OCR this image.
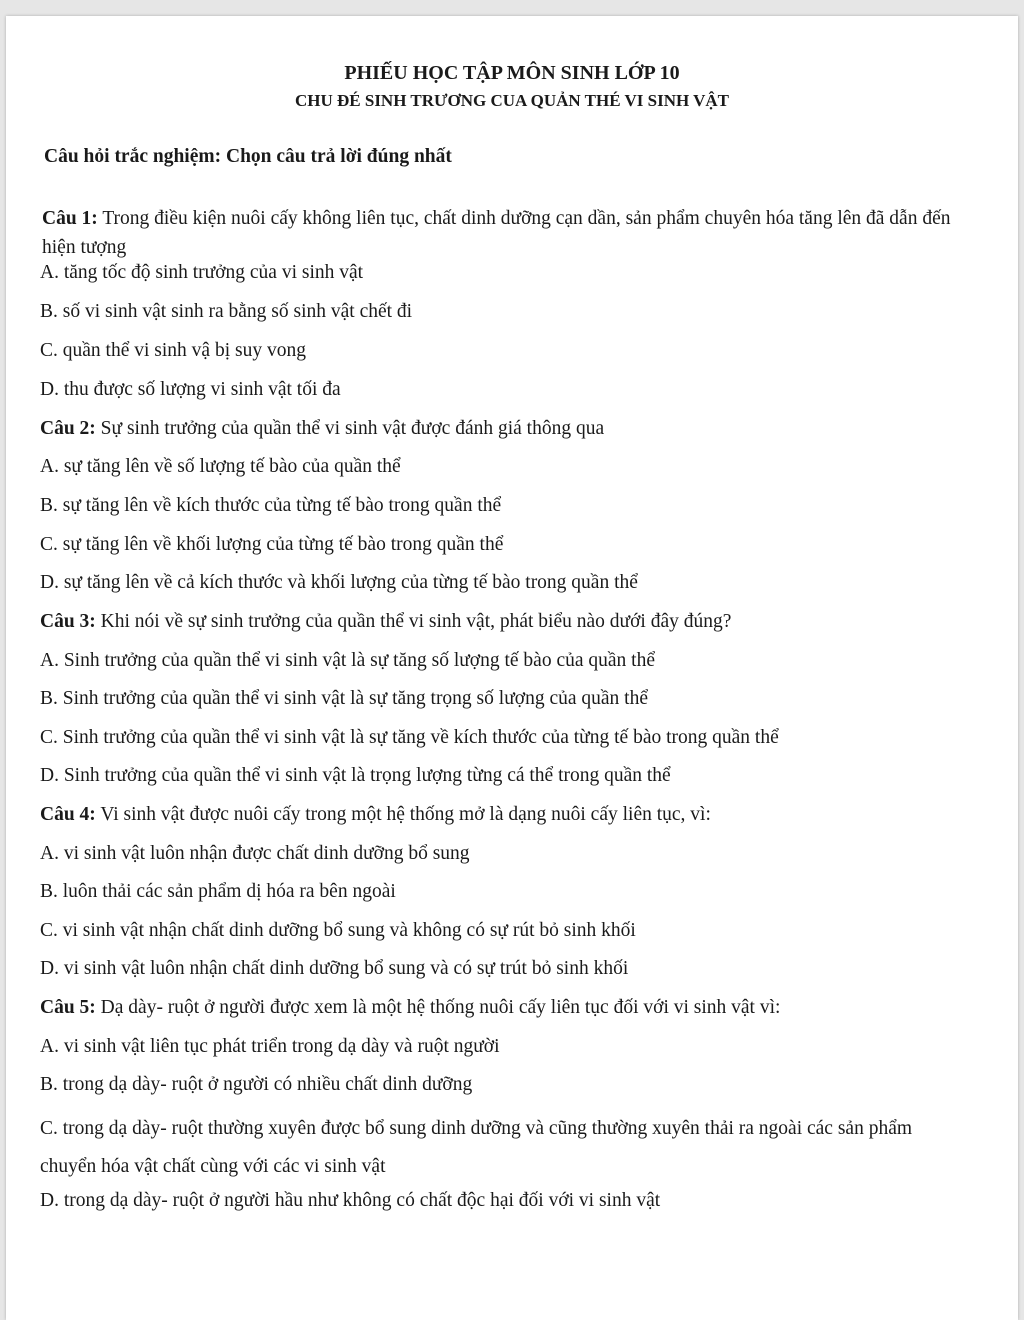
PHIẾU HỌC TẬP MÔN SINH LỚP 10
CHU ĐÉ SINH TRƯƠNG CUA QUẢN THÉ VI SINH VẬT
Câu hỏi trắc nghiệm: Chọn câu trả lời đúng nhất
Câu 1: Trong điều kiện nuôi cấy không liên tục, chất dinh dưỡng cạn dần, sản phẩm chuyên hóa tăng lên đã dẫn đến hiện tượng
A. tăng tốc độ sinh trưởng của vi sinh vật
B. số vi sinh vật sinh ra bằng số sinh vật chết đi
C. quần thể vi sinh vậ bị suy vong
D. thu được số lượng vi sinh vật tối đa
Câu 2: Sự sinh trưởng của quần thể vi sinh vật được đánh giá thông qua
A. sự tăng lên về số lượng tế bào của quần thể
B. sự tăng lên về kích thước của từng tế bào trong quần thể
C. sự tăng lên về khối lượng của từng tế bào trong quần thể
D. sự tăng lên về cả kích thước và khối lượng của từng tế bào trong quần thể
Câu 3: Khi nói về sự sinh trưởng của quần thể vi sinh vật, phát biểu nào dưới đây đúng?
A. Sinh trưởng của quần thể vi sinh vật là sự tăng số lượng tế bào của quần thể
B. Sinh trưởng của quần thể vi sinh vật là sự tăng trọng số lượng của quần thể
C. Sinh trưởng của quần thể vi sinh vật là sự tăng về kích thước của từng tế bào trong quần thể
D. Sinh trưởng của quần thể vi sinh vật là trọng lượng từng cá thể trong quần thể
Câu 4: Vi sinh vật được nuôi cấy trong một hệ thống mở là dạng nuôi cấy liên tục, vì:
A. vi sinh vật luôn nhận được chất dinh dưỡng bổ sung
B. luôn thải các sản phẩm dị hóa ra bên ngoài
C. vi sinh vật nhận chất dinh dưỡng bổ sung và không có sự rút bỏ sinh khối
D. vi sinh vật luôn nhận chất dinh dưỡng bổ sung và có sự trút bỏ sinh khối
Câu 5: Dạ dày- ruột ở người được xem là một hệ thống nuôi cấy liên tục đối với vi sinh vật vì:
A. vi sinh vật liên tục phát triển trong dạ dày và ruột người
B. trong dạ dày- ruột ở người có nhiều chất dinh dưỡng
C. trong dạ dày- ruột thường xuyên được bổ sung dinh dưỡng và cũng thường xuyên thải ra ngoài các sản phẩm chuyển hóa vật chất cùng với các vi sinh vật
D. trong dạ dày- ruột ở người hầu như không có chất độc hại đối với vi sinh vật
